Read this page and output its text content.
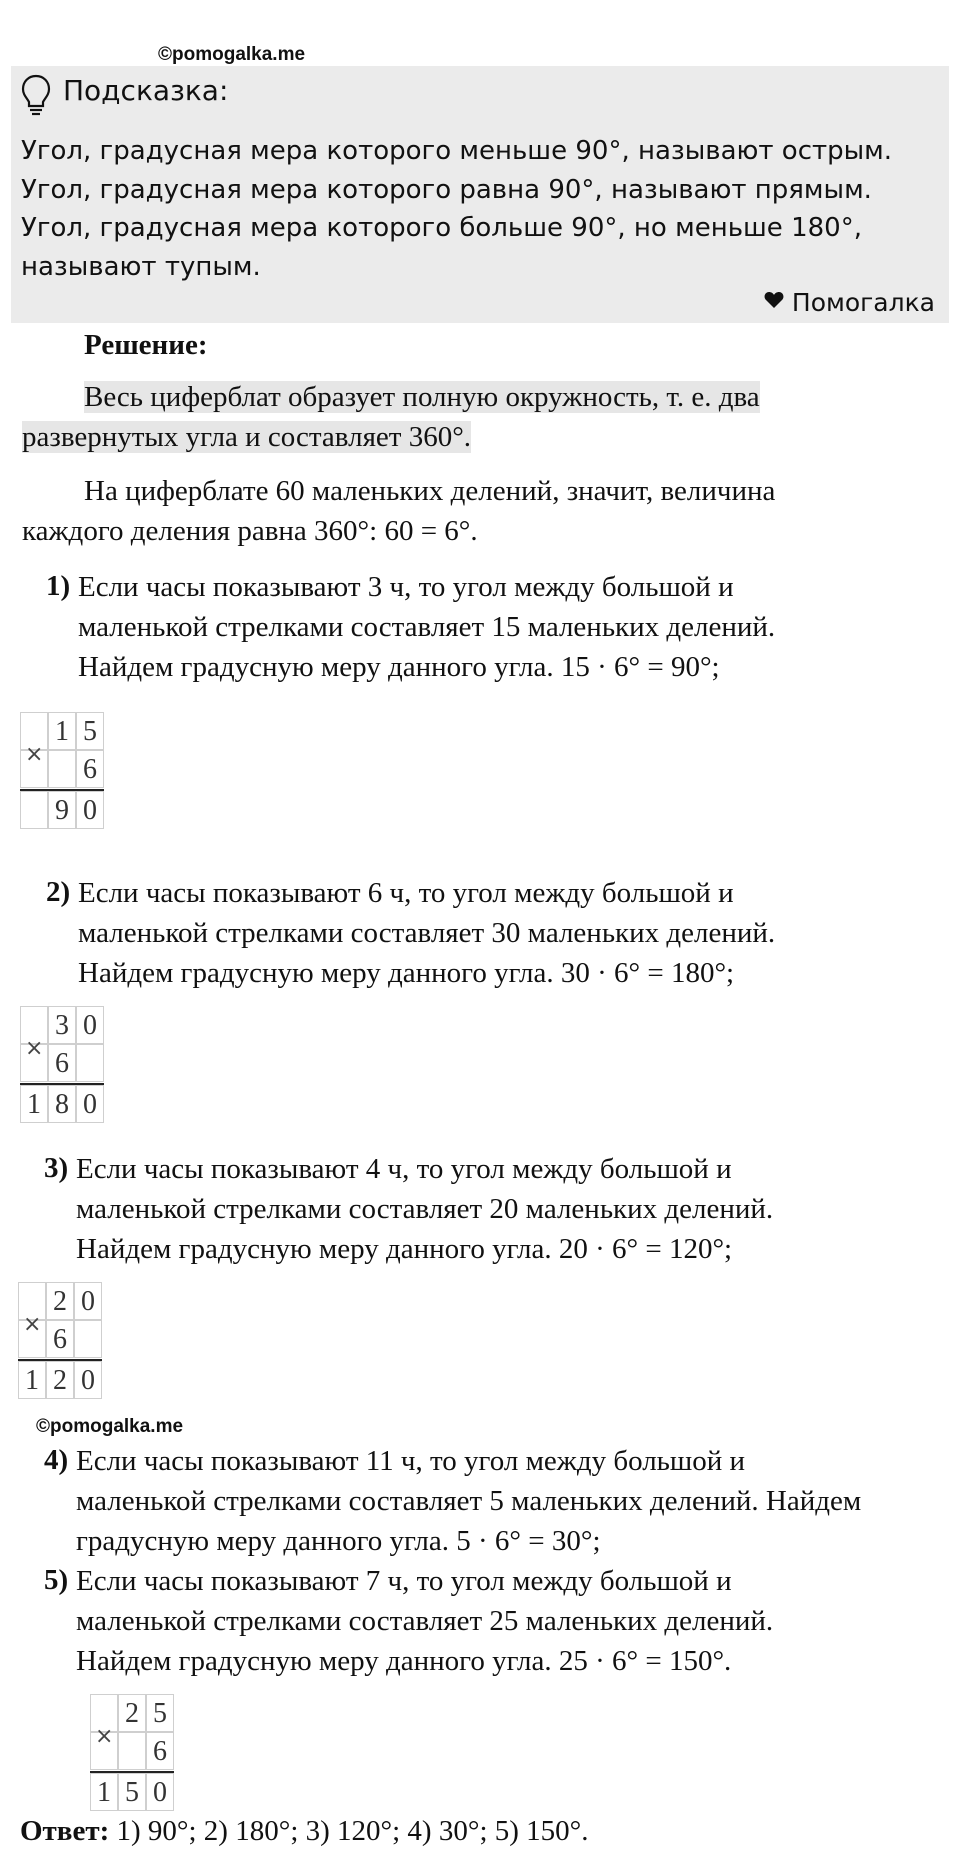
©pomogalka.me
©pomogalka.me
Подсказка:
Угол, градусная мера которого меньше 90°, называют острым.
Угол, градусная мера которого равна 90°, называют прямым.
Угол, градусная мера которого больше 90°, но меньше 180°,
называют тупым.
Помогалка
Решение:
Весь циферблат образует полную окружность, т. е. два
развернутых угла и составляет 360°.
На циферблате 60 маленьких делений, значит, величина
каждого деления равна 360°: 60 = 6°.
1) Если часы показывают 3 ч, то угол между большой и
маленькой стрелками составляет 15 маленьких делений.
Найдем градусную меру данного угла. 15 · 6° = 90°;
1 5
6
9 0
×
2) Если часы показывают 6 ч, то угол между большой и
маленькой стрелками составляет 30 маленьких делений.
Найдем градусную меру данного угла. 30 · 6° = 180°;
3 0
6
1 8 0
×
3) Если часы показывают 4 ч, то угол между большой и
маленькой стрелками составляет 20 маленьких делений.
Найдем градусную меру данного угла. 20 · 6° = 120°;
2 0
6
1 2 0
×
4) Если часы показывают 11 ч, то угол между большой и
маленькой стрелками составляет 5 маленьких делений. Найдем
градусную меру данного угла. 5 · 6° = 30°;
5) Если часы показывают 7 ч, то угол между большой и
маленькой стрелками составляет 25 маленьких делений.
Найдем градусную меру данного угла. 25 · 6° = 150°.
2 5
6
1 5 0
×
Ответ: 1) 90°; 2) 180°; 3) 120°; 4) 30°; 5) 150°.
